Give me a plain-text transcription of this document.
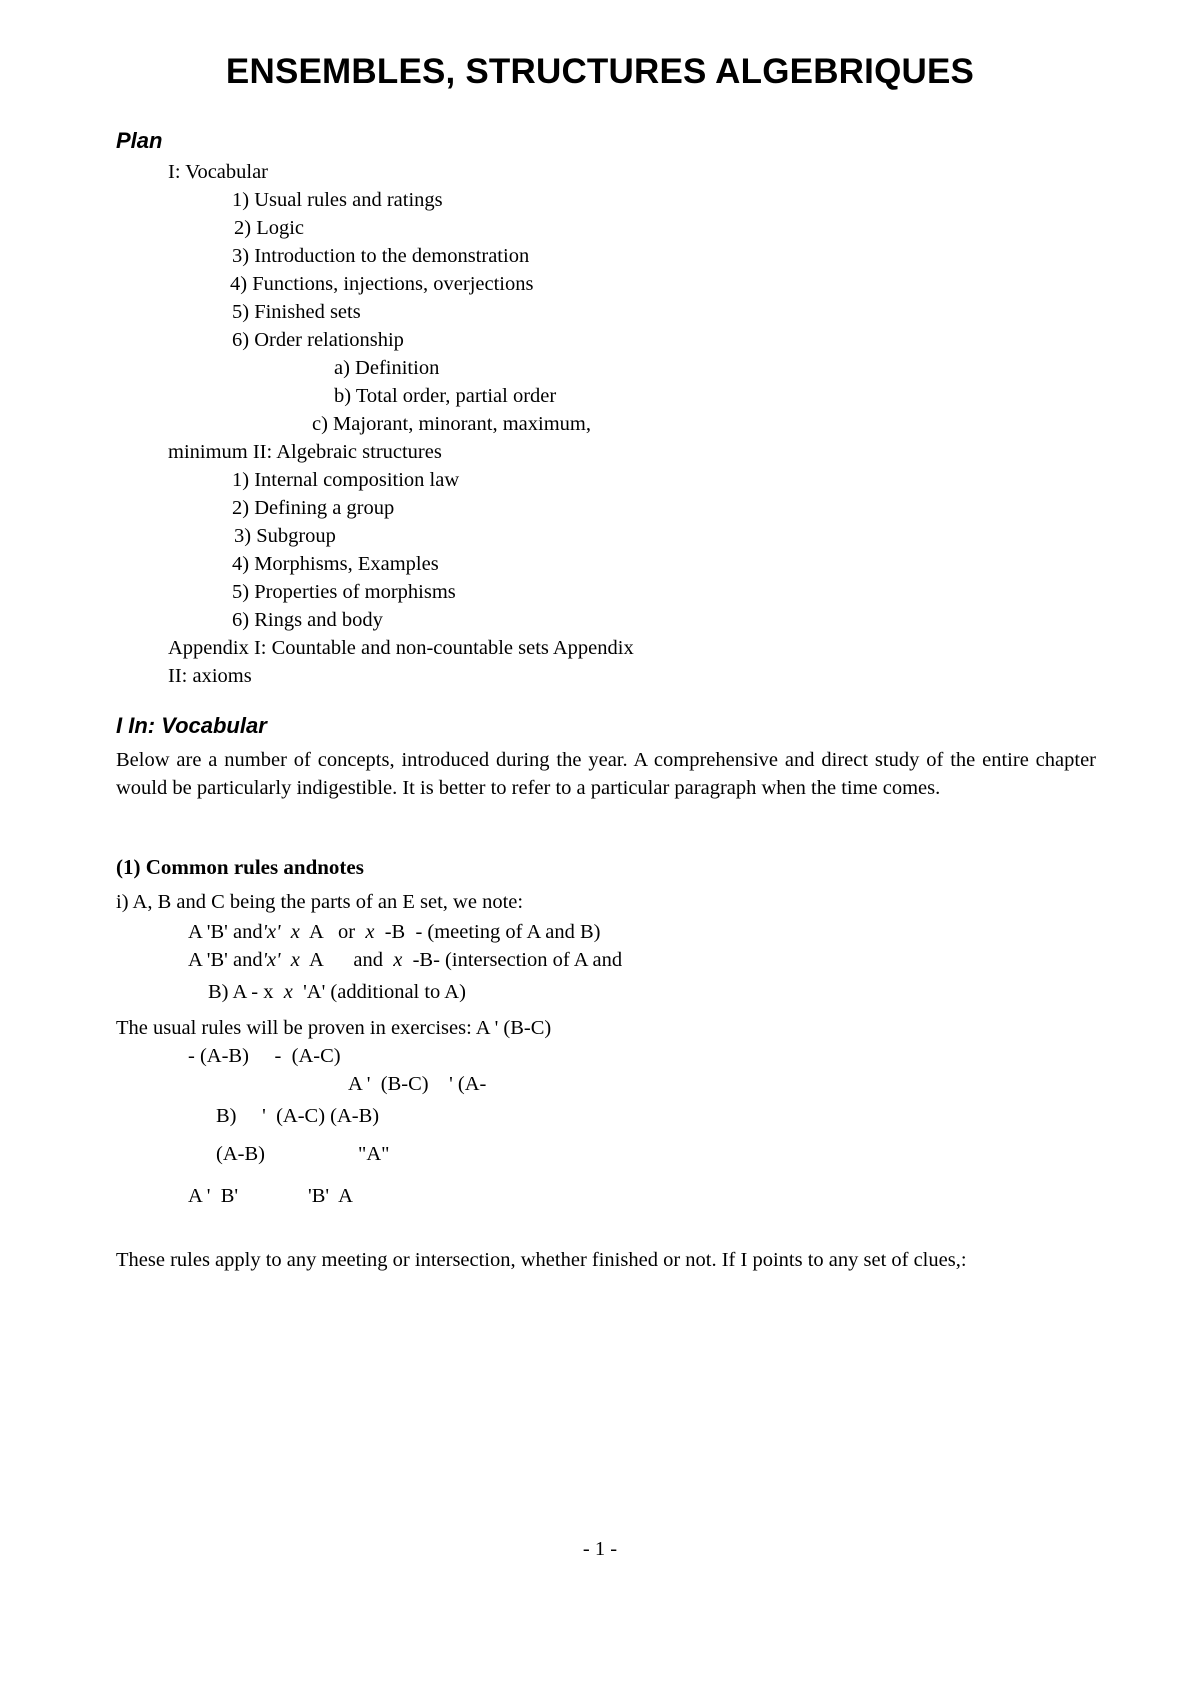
ENSEMBLES, STRUCTURES ALGEBRIQUES
Plan
I: Vocabular
1) Usual rules and ratings
2) Logic
3) Introduction to the demonstration
4) Functions, injections, overjections
5) Finished sets
6) Order relationship
a) Definition
b) Total order, partial order
c) Majorant, minorant, maximum,
minimum II: Algebraic structures
1) Internal composition law
2) Defining a group
3) Subgroup
4) Morphisms, Examples
5) Properties of morphisms
6) Rings and body
Appendix I: Countable and non-countable sets Appendix
II: axioms
I In: Vocabular
Below are a number of concepts, introduced during the year. A comprehensive and direct study of the entire chapter would be particularly indigestible. It is better to refer to a particular paragraph when the time comes.
(1) Common rules andnotes
i) A, B and C being the parts of an E set, we note:
A 'B' and'x' x  A   or  x  -B  - (meeting of A and B)
A 'B' and'x' x  A      and  x  -B- (intersection of A and
B) A - x  x  'A' (additional to A)
The usual rules will be proven in exercises: A ' (B-C)
- (A-B)     -  (A-C)
A '  (B-C)    ' (A-
B)     '  (A-C) (A-B)
(A-B)	"A"
A '  B'	'B'  A
These rules apply to any meeting or intersection, whether finished or not. If I points to any set of clues,:
- 1 -
